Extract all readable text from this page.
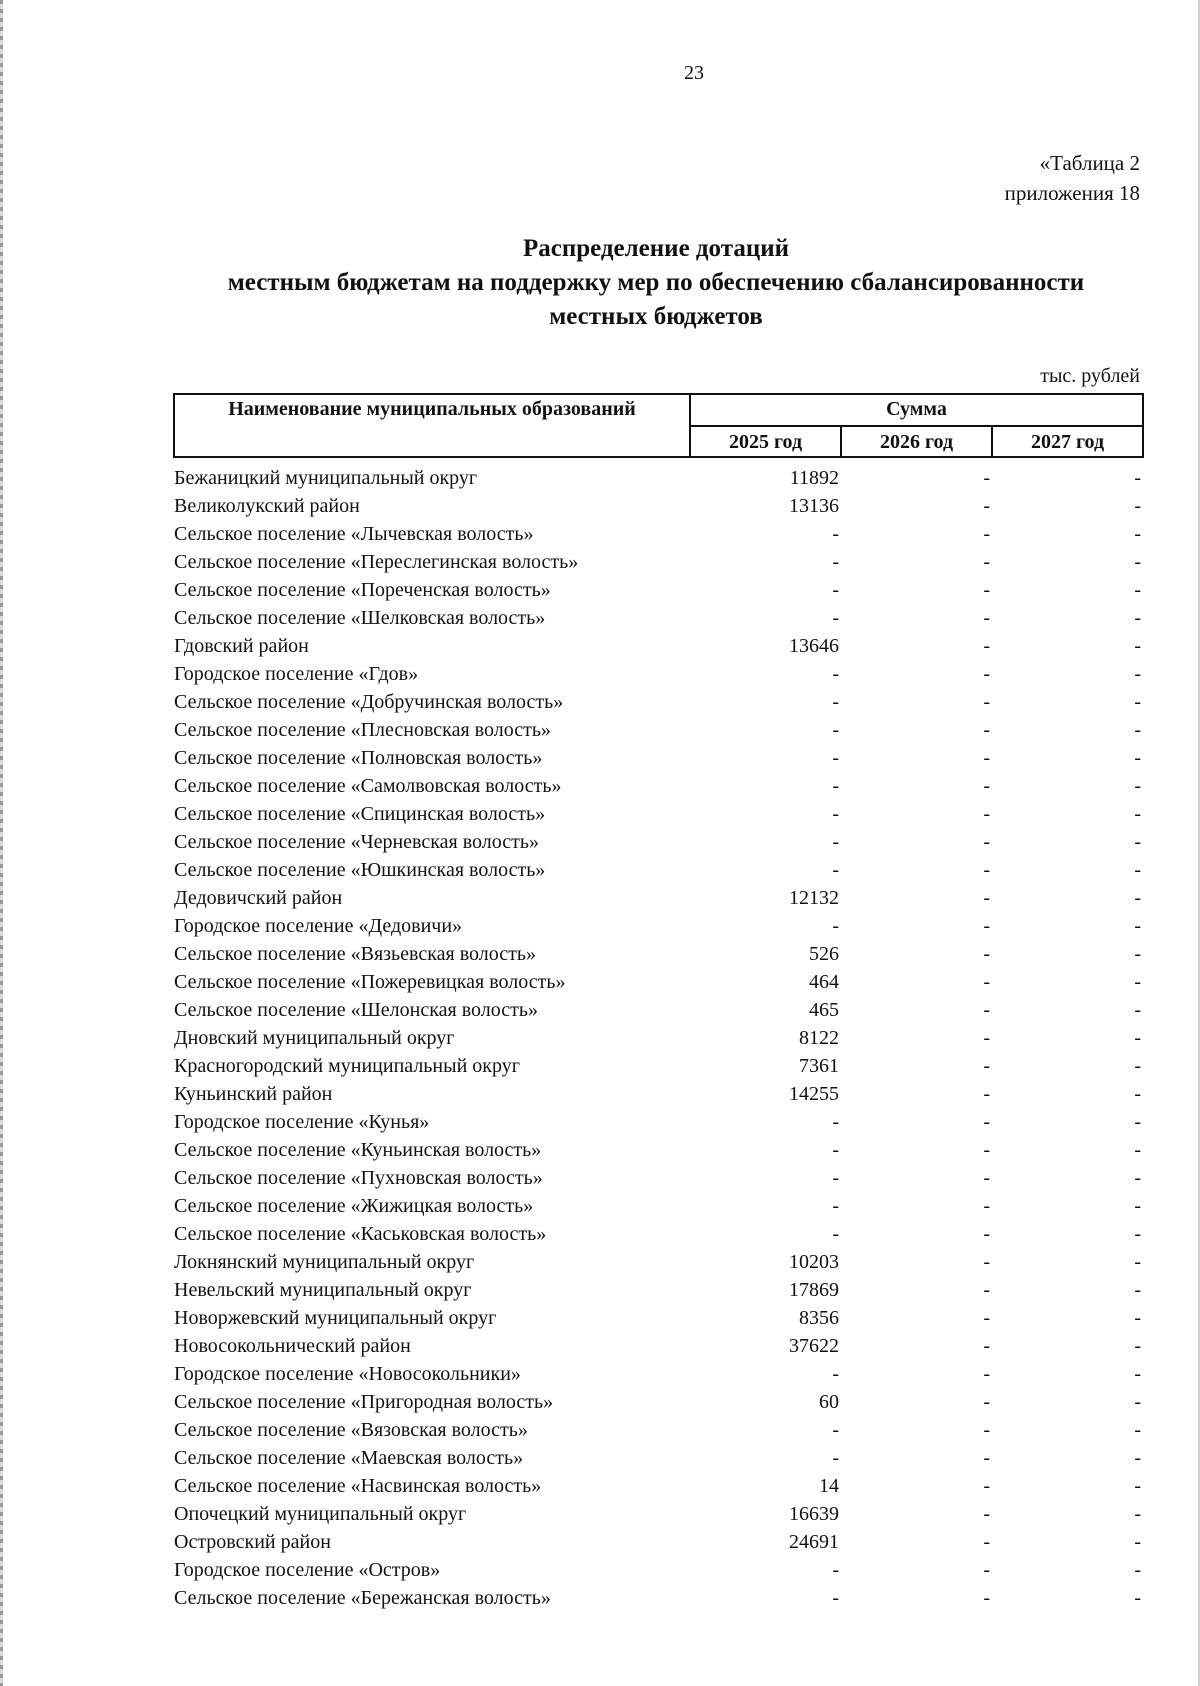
23
«Таблица 2
приложения 18
Распределение дотаций
местным бюджетам на поддержку мер по обеспечению сбалансированности
местных бюджетов
тыс. рублей
Наименование муниципальных образований	Сумма		
	2025 год	2026 год	2027 год

Бежаницкий муниципальный округ	11892	-	-
Великолукский район	13136	-	-
Сельское поселение «Лычевская волость»	-	-	-
Сельское поселение «Переслегинская волость»	-	-	-
Сельское поселение «Пореченская волость»	-	-	-
Сельское поселение «Шелковская волость»	-	-	-
Гдовский район	13646	-	-
Городское поселение «Гдов»	-	-	-
Сельское поселение «Добручинская волость»	-	-	-
Сельское поселение «Плесновская волость»	-	-	-
Сельское поселение «Полновская волость»	-	-	-
Сельское поселение «Самолвовская волость»	-	-	-
Сельское поселение «Спицинская волость»	-	-	-
Сельское поселение «Черневская волость»	-	-	-
Сельское поселение «Юшкинская волость»	-	-	-
Дедовичский район	12132	-	-
Городское поселение «Дедовичи»	-	-	-
Сельское поселение «Вязьевская волость»	526	-	-
Сельское поселение «Пожеревицкая волость»	464	-	-
Сельское поселение «Шелонская волость»	465	-	-
Дновский муниципальный округ	8122	-	-
Красногородский муниципальный округ	7361	-	-
Куньинский район	14255	-	-
Городское поселение «Кунья»	-	-	-
Сельское поселение «Куньинская волость»	-	-	-
Сельское поселение «Пухновская волость»	-	-	-
Сельское поселение «Жижицкая волость»	-	-	-
Сельское поселение «Каськовская волость»	-	-	-
Локнянский муниципальный округ	10203	-	-
Невельский муниципальный округ	17869	-	-
Новоржевский муниципальный округ	8356	-	-
Новосокольнический район	37622	-	-
Городское поселение «Новосокольники»	-	-	-
Сельское поселение «Пригородная волость»	60	-	-
Сельское поселение «Вязовская волость»	-	-	-
Сельское поселение «Маевская волость»	-	-	-
Сельское поселение «Насвинская волость»	14	-	-
Опочецкий муниципальный округ	16639	-	-
Островский район	24691	-	-
Городское поселение «Остров»	-	-	-
Сельское поселение «Бережанская волость»	-	-	-
